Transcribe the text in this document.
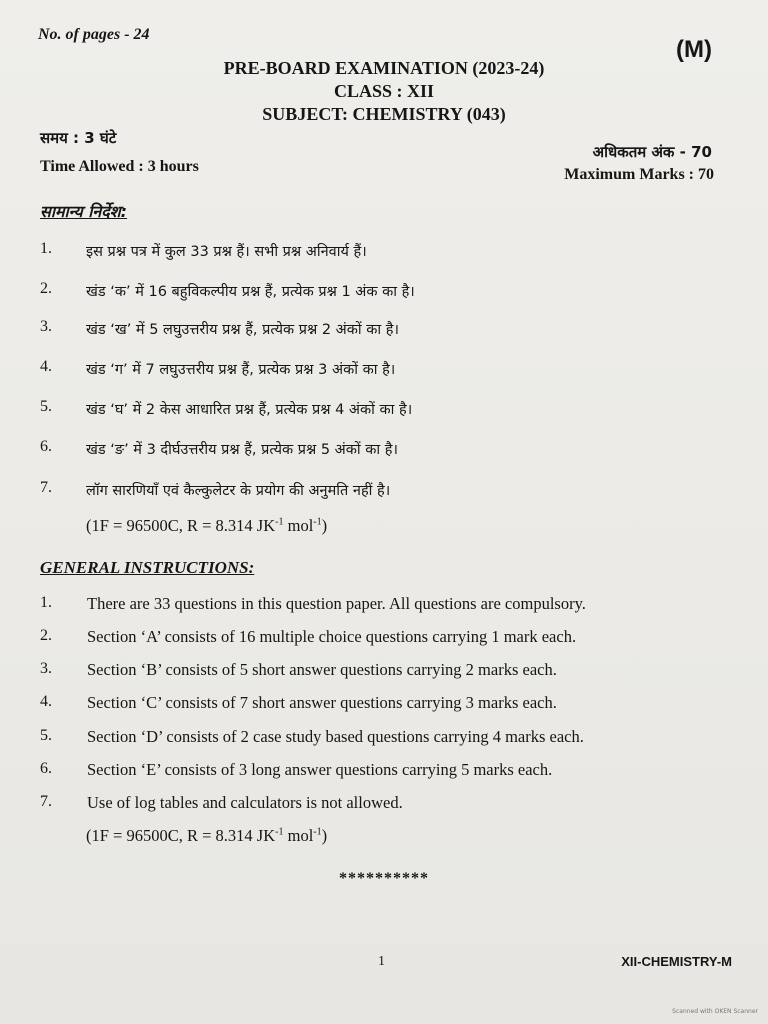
No. of pages - 24
(M)
PRE-BOARD EXAMINATION (2023-24)
CLASS : XII
SUBJECT: CHEMISTRY (043)
समय : 3 घंटे
Time Allowed : 3 hours
अधिकतम अंक - 70
Maximum Marks : 70
सामान्य निर्देश:
1. इस प्रश्न पत्र में कुल 33 प्रश्न हैं। सभी प्रश्न अनिवार्य हैं।
2. खंड ‘क’ में 16 बहुविकल्पीय प्रश्न हैं, प्रत्येक प्रश्न 1 अंक का है।
3. खंड ‘ख’ में 5 लघुउत्तरीय प्रश्न हैं, प्रत्येक प्रश्न 2 अंकों का है।
4. खंड ‘ग’ में 7 लघुउत्तरीय प्रश्न हैं, प्रत्येक प्रश्न 3 अंकों का है।
5. खंड ‘घ’ में 2 केस आधारित प्रश्न हैं, प्रत्येक प्रश्न 4 अंकों का है।
6. खंड ‘ङ’ में 3 दीर्घउत्तरीय प्रश्न हैं, प्रत्येक प्रश्न 5 अंकों का है।
7. लॉग सारणियाँ एवं कैल्कुलेटर के प्रयोग की अनुमति नहीं है।
(1F = 96500C, R = 8.314 $JK^{-1}$ mol$^{-1}$)
GENERAL INSTRUCTIONS:
1. There are 33 questions in this question paper. All questions are compulsory.
2. Section ‘A’ consists of 16 multiple choice questions carrying 1 mark each.
3. Section ‘B’ consists of 5 short answer questions carrying 2 marks each.
4. Section ‘C’ consists of 7 short answer questions carrying 3 marks each.
5. Section ‘D’ consists of 2 case study based questions carrying 4 marks each.
6. Section ‘E’ consists of 3 long answer questions carrying 5 marks each.
7. Use of log tables and calculators is not allowed.
(1F = 96500C, R = 8.314 $JK^{-1}$ mol$^{-1}$)
**********
1	XII-CHEMISTRY-M
Scanned with OKEN Scanner
